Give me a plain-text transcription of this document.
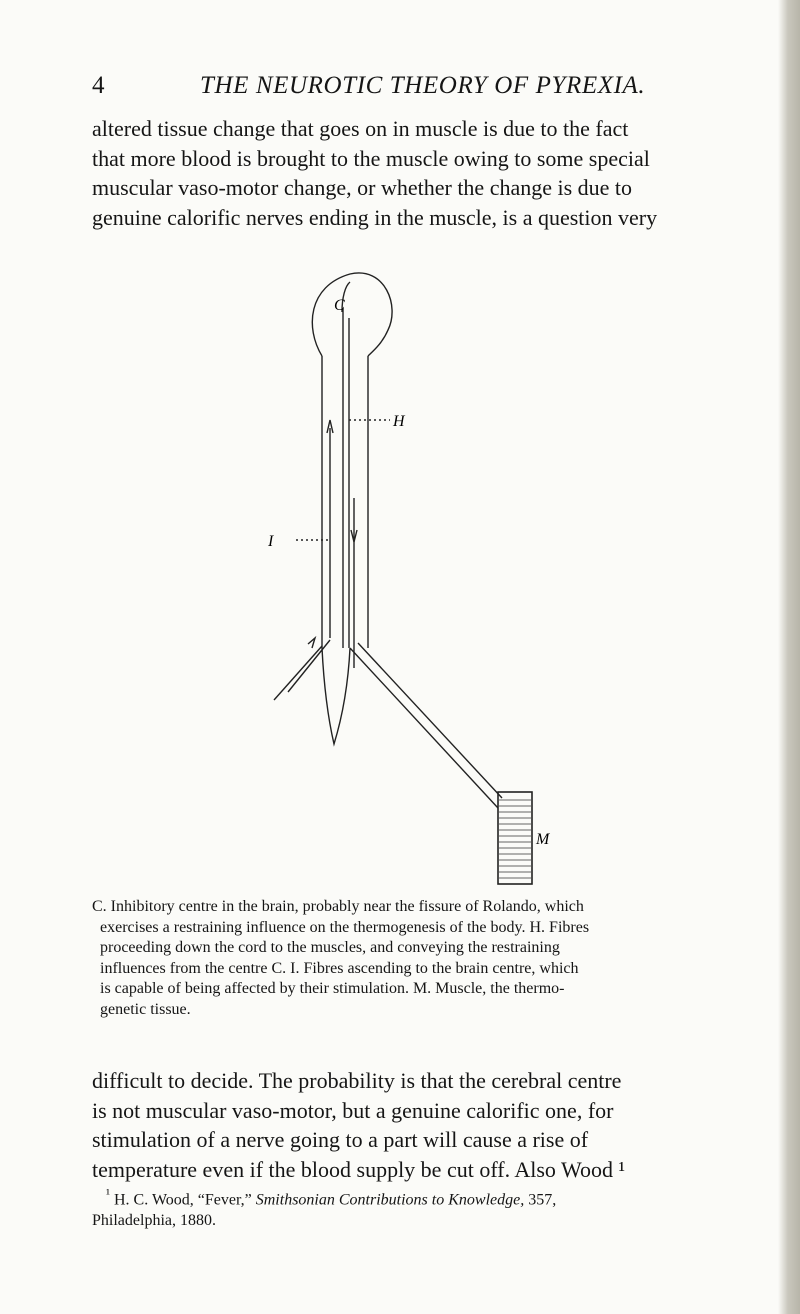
4	THE NEUROTIC THEORY OF PYREXIA.

altered tissue change that goes on in muscle is due to the fact
that more blood is brought to the muscle owing to some special
muscular vaso-motor change, or whether the change is due to
genuine calorific nerves ending in the muscle, is a question very

C
H
I
M

C. Inhibitory centre in the brain, probably near the fissure of Rolando, which
exercises a restraining influence on the thermogenesis of the body. H. Fibres
proceeding down the cord to the muscles, and conveying the restraining
influences from the centre C. I. Fibres ascending to the brain centre, which
is capable of being affected by their stimulation. M. Muscle, the thermo-
genetic tissue.

difficult to decide. The probability is that the cerebral centre
is not muscular vaso-motor, but a genuine calorific one, for
stimulation of a nerve going to a part will cause a rise of
temperature even if the blood supply be cut off. Also Wood ¹

$^{^1}$ H. C. Wood, “Fever,” Smithsonian Contributions to Knowledge, 357,
Philadelphia, 1880.
